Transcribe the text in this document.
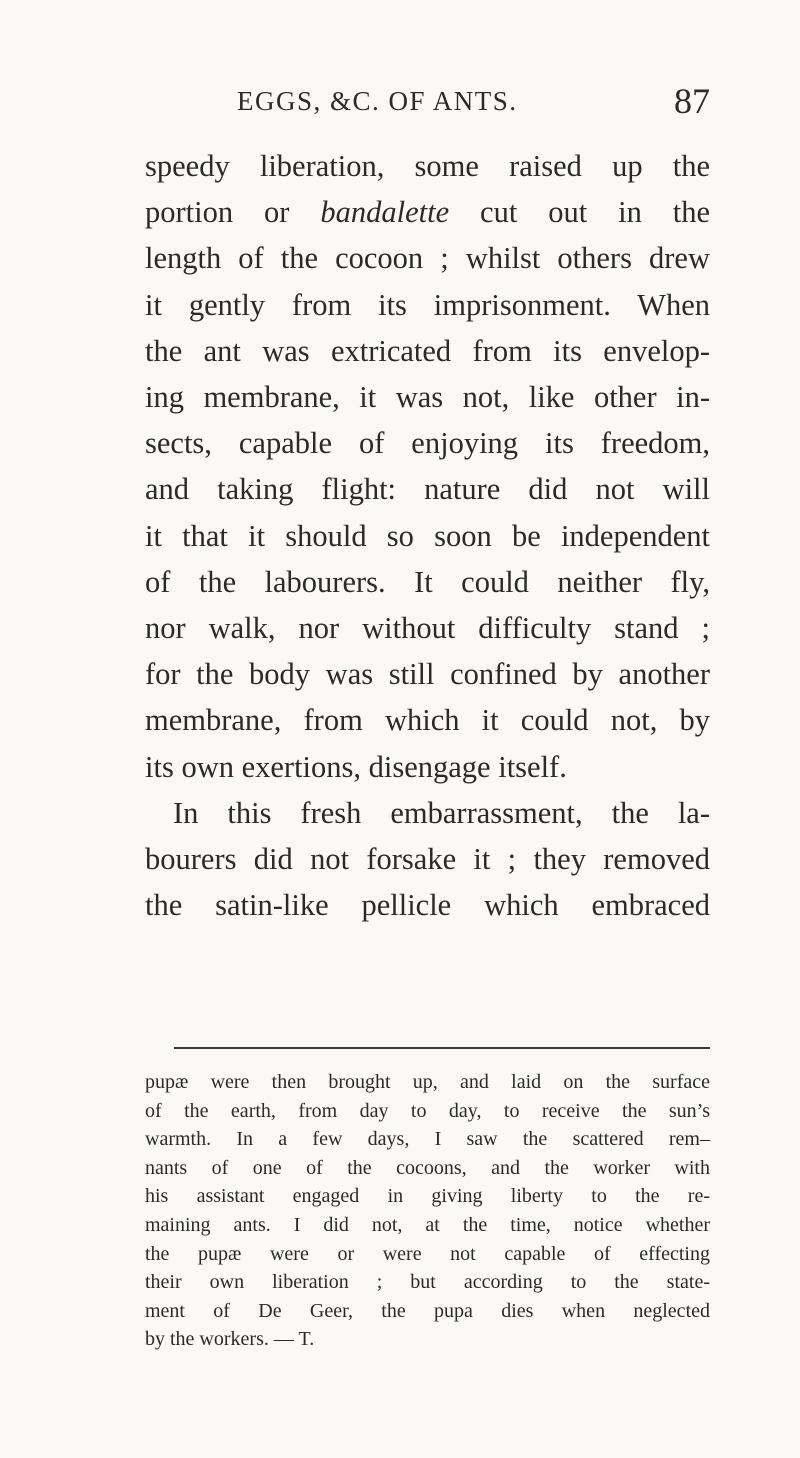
EGGS, &C. OF ANTS.	87
speedy liberation, some raised up the
portion or bandalette cut out in the
length of the cocoon ; whilst others drew
it gently from its imprisonment. When
the ant was extricated from its envelop-
ing membrane, it was not, like other in-
sects, capable of enjoying its freedom,
and taking flight: nature did not will
it that it should so soon be independent
of the labourers. It could neither fly,
nor walk, nor without difficulty stand ;
for the body was still confined by another
membrane, from which it could not, by
its own exertions, disengage itself.
In this fresh embarrassment, the la-
bourers did not forsake it ; they removed
the satin-like pellicle which embraced
pupæ were then brought up, and laid on the surface
of the earth, from day to day, to receive the sun’s
warmth. In a few days, I saw the scattered rem–
nants of one of the cocoons, and the worker with
his assistant engaged in giving liberty to the re-
maining ants. I did not, at the time, notice whether
the pupæ were or were not capable of effecting
their own liberation ; but according to the state-
ment of De Geer, the pupa dies when neglected
by the workers. — T.
